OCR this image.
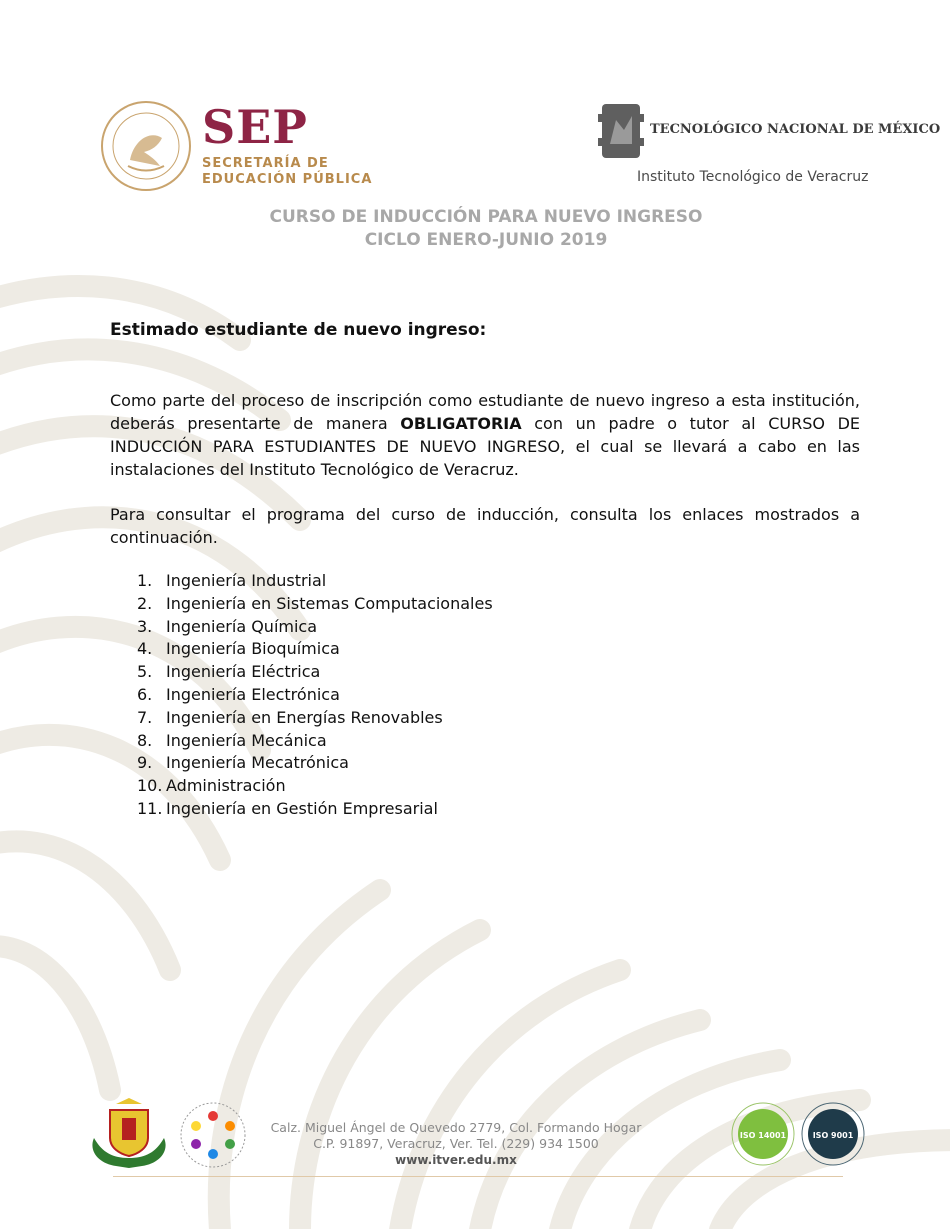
SEP
SECRETARÍA DE
EDUCACIÓN PÚBLICA
TECNOLÓGICO NACIONAL DE MÉXICO
Instituto Tecnológico de Veracruz
CURSO DE INDUCCIÓN PARA NUEVO INGRESO
CICLO ENERO-JUNIO 2019
Estimado estudiante de nuevo ingreso:

Como parte del proceso de inscripción como estudiante de nuevo ingreso a esta institución, deberás presentarte de manera OBLIGATORIA con un padre o tutor al CURSO DE INDUCCIÓN PARA ESTUDIANTES DE NUEVO INGRESO, el cual se llevará a cabo en las instalaciones del Instituto Tecnológico de Veracruz.

Para consultar el programa del curso de inducción, consulta los enlaces mostrados a continuación.

1. Ingeniería Industrial
2. Ingeniería en Sistemas Computacionales
3. Ingeniería Química
4. Ingeniería Bioquímica
5. Ingeniería Eléctrica
6. Ingeniería Electrónica
7. Ingeniería en Energías Renovables
8. Ingeniería Mecánica
9. Ingeniería Mecatrónica
10. Administración
11. Ingeniería en Gestión Empresarial
Calz. Miguel Ángel de Quevedo 2779, Col. Formando Hogar
C.P. 91897, Veracruz, Ver. Tel. (229) 934 1500
www.itver.edu.mx
ISO 14001	ISO 9001
